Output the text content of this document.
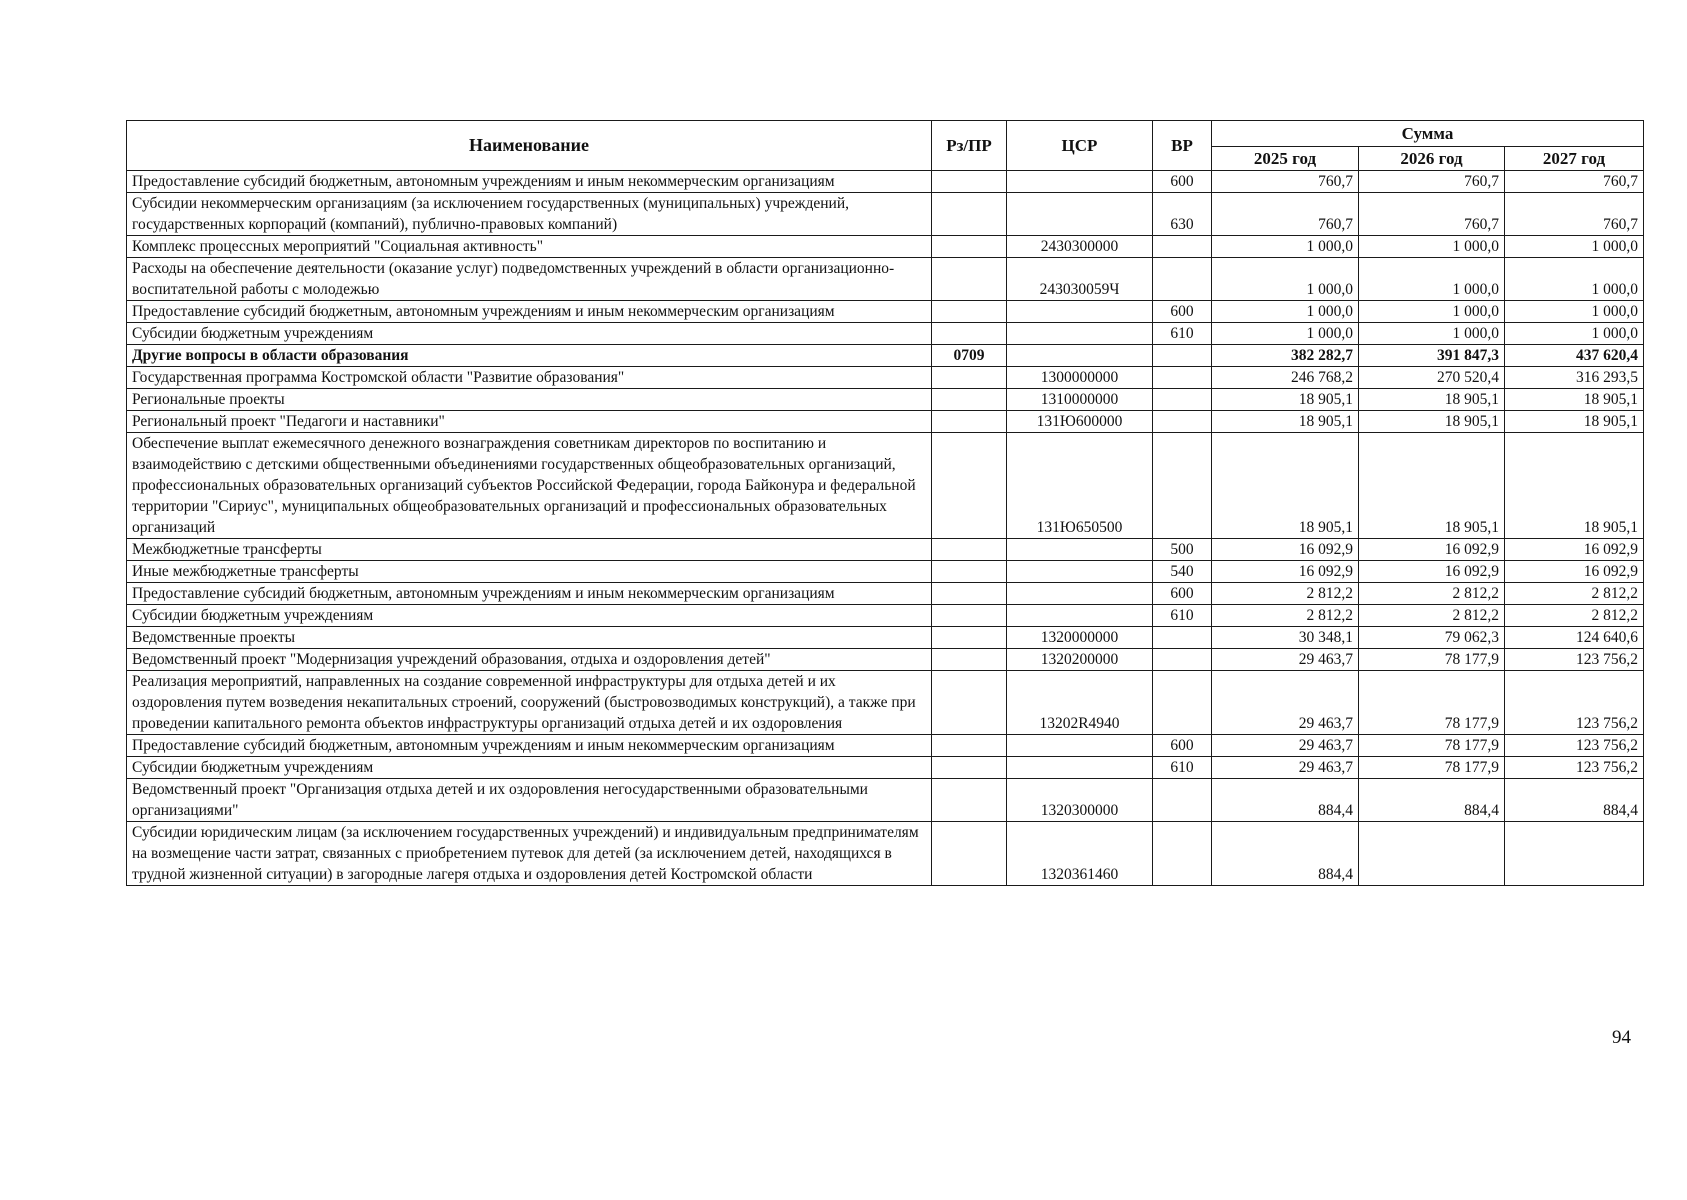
Наименование	Рз/ПР	ЦСР	ВР	Сумма		
				2025 год	2026 год	2027 год
Предоставление субсидий бюджетным, автономным учреждениям и иным некоммерческим организациям			600	760,7	760,7	760,7
Субсидии некоммерческим организациям (за исключением государственных (муниципальных) учреждений, государственных корпораций (компаний), публично-правовых компаний)			630	760,7	760,7	760,7
Комплекс процессных мероприятий "Социальная активность"		2430300000		1 000,0	1 000,0	1 000,0
Расходы на обеспечение деятельности (оказание услуг) подведомственных учреждений в области организационно-воспитательной работы с молодежью		243030059Ч		1 000,0	1 000,0	1 000,0
Предоставление субсидий бюджетным, автономным учреждениям и иным некоммерческим организациям			600	1 000,0	1 000,0	1 000,0
Субсидии бюджетным учреждениям			610	1 000,0	1 000,0	1 000,0
Другие вопросы в области образования	0709			382 282,7	391 847,3	437 620,4
Государственная программа Костромской области "Развитие образования"		1300000000		246 768,2	270 520,4	316 293,5
Региональные проекты		1310000000		18 905,1	18 905,1	18 905,1
Региональный проект "Педагоги и наставники"		131Ю600000		18 905,1	18 905,1	18 905,1
Обеспечение выплат ежемесячного денежного вознаграждения советникам директоров по воспитанию и взаимодействию с детскими общественными объединениями государственных общеобразовательных организаций, профессиональных образовательных организаций субъектов Российской Федерации, города Байконура и федеральной территории "Сириус", муниципальных общеобразовательных организаций и профессиональных образовательных организаций		131Ю650500		18 905,1	18 905,1	18 905,1
Межбюджетные трансферты			500	16 092,9	16 092,9	16 092,9
Иные межбюджетные трансферты			540	16 092,9	16 092,9	16 092,9
Предоставление субсидий бюджетным, автономным учреждениям и иным некоммерческим организациям			600	2 812,2	2 812,2	2 812,2
Субсидии бюджетным учреждениям			610	2 812,2	2 812,2	2 812,2
Ведомственные проекты		1320000000		30 348,1	79 062,3	124 640,6
Ведомственный проект "Модернизация учреждений образования, отдыха и оздоровления детей"		1320200000		29 463,7	78 177,9	123 756,2
Реализация мероприятий, направленных на создание современной инфраструктуры для отдыха детей и их оздоровления путем возведения некапитальных строений, сооружений (быстровозводимых конструкций), а также при проведении капитального ремонта объектов инфраструктуры организаций отдыха детей и их оздоровления		13202R4940		29 463,7	78 177,9	123 756,2
Предоставление субсидий бюджетным, автономным учреждениям и иным некоммерческим организациям			600	29 463,7	78 177,9	123 756,2
Субсидии бюджетным учреждениям			610	29 463,7	78 177,9	123 756,2
Ведомственный проект "Организация отдыха детей и их оздоровления негосударственными образовательными организациями"		1320300000		884,4	884,4	884,4
Субсидии юридическим лицам (за исключением государственных учреждений) и индивидуальным предпринимателям на возмещение части затрат, связанных с приобретением путевок для детей (за исключением детей, находящихся в трудной жизненной ситуации) в загородные лагеря отдыха и оздоровления детей Костромской области		1320361460		884,4		
94
